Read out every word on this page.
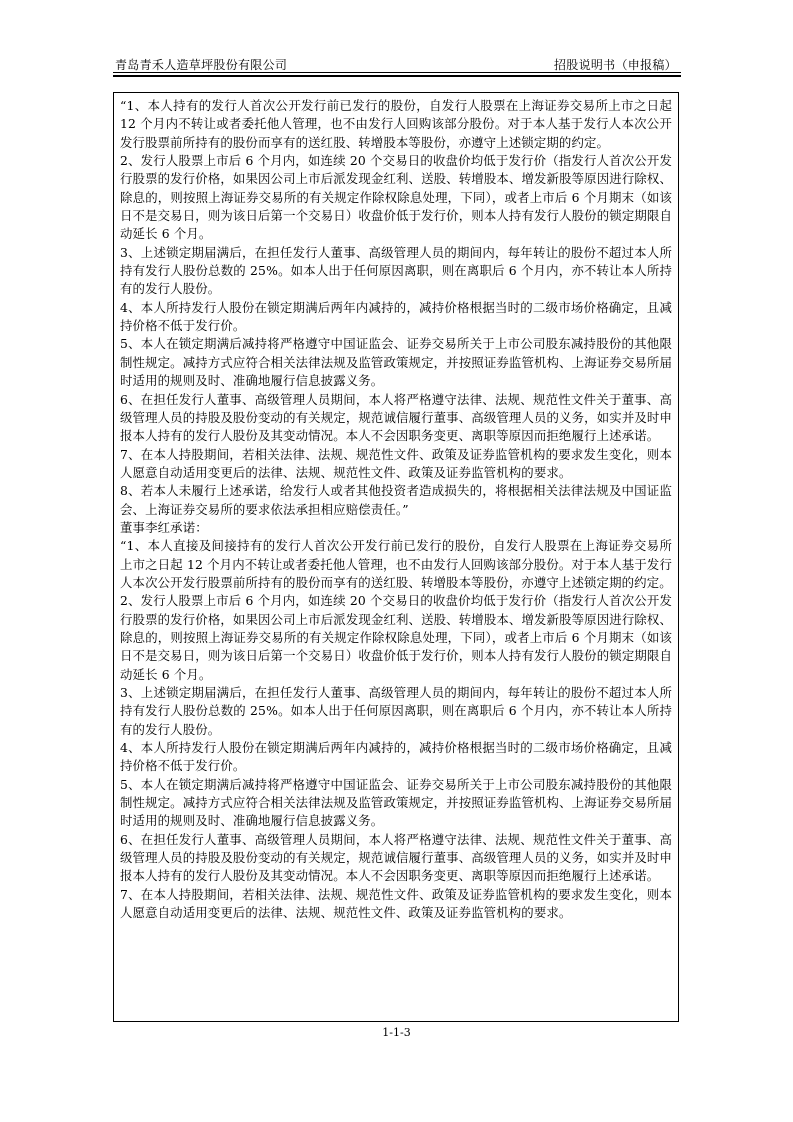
青岛青禾人造草坪股份有限公司	招股说明书（申报稿）

“1、本人持有的发行人首次公开发行前已发行的股份，自发行人股票在上海证券交易所上市之日起 12 个月内不转让或者委托他人管理，也不由发行人回购该部分股份。对于本人基于发行人本次公开发行股票前所持有的股份而享有的送红股、转增股本等股份，亦遵守上述锁定期的约定。

2、发行人股票上市后 6 个月内，如连续 20 个交易日的收盘价均低于发行价（指发行人首次公开发行股票的发行价格，如果因公司上市后派发现金红利、送股、转增股本、增发新股等原因进行除权、除息的，则按照上海证券交易所的有关规定作除权除息处理，下同），或者上市后 6 个月期末（如该日不是交易日，则为该日后第一个交易日）收盘价低于发行价，则本人持有发行人股份的锁定期限自动延长 6 个月。

3、上述锁定期届满后，在担任发行人董事、高级管理人员的期间内，每年转让的股份不超过本人所持有发行人股份总数的 25%。如本人出于任何原因离职，则在离职后 6 个月内，亦不转让本人所持有的发行人股份。

4、本人所持发行人股份在锁定期满后两年内减持的，减持价格根据当时的二级市场价格确定，且减持价格不低于发行价。

5、本人在锁定期满后减持将严格遵守中国证监会、证券交易所关于上市公司股东减持股份的其他限制性规定。减持方式应符合相关法律法规及监管政策规定，并按照证券监管机构、上海证券交易所届时适用的规则及时、准确地履行信息披露义务。

6、在担任发行人董事、高级管理人员期间，本人将严格遵守法律、法规、规范性文件关于董事、高级管理人员的持股及股份变动的有关规定，规范诚信履行董事、高级管理人员的义务，如实并及时申报本人持有的发行人股份及其变动情况。本人不会因职务变更、离职等原因而拒绝履行上述承诺。

7、在本人持股期间，若相关法律、法规、规范性文件、政策及证券监管机构的要求发生变化，则本人愿意自动适用变更后的法律、法规、规范性文件、政策及证券监管机构的要求。

8、若本人未履行上述承诺，给发行人或者其他投资者造成损失的，将根据相关法律法规及中国证监会、上海证券交易所的要求依法承担相应赔偿责任。”

董事李红承诺：

“1、本人直接及间接持有的发行人首次公开发行前已发行的股份，自发行人股票在上海证券交易所上市之日起 12 个月内不转让或者委托他人管理，也不由发行人回购该部分股份。对于本人基于发行人本次公开发行股票前所持有的股份而享有的送红股、转增股本等股份，亦遵守上述锁定期的约定。

2、发行人股票上市后 6 个月内，如连续 20 个交易日的收盘价均低于发行价（指发行人首次公开发行股票的发行价格，如果因公司上市后派发现金红利、送股、转增股本、增发新股等原因进行除权、除息的，则按照上海证券交易所的有关规定作除权除息处理，下同），或者上市后 6 个月期末（如该日不是交易日，则为该日后第一个交易日）收盘价低于发行价，则本人持有发行人股份的锁定期限自动延长 6 个月。

3、上述锁定期届满后，在担任发行人董事、高级管理人员的期间内，每年转让的股份不超过本人所持有发行人股份总数的 25%。如本人出于任何原因离职，则在离职后 6 个月内，亦不转让本人所持有的发行人股份。

4、本人所持发行人股份在锁定期满后两年内减持的，减持价格根据当时的二级市场价格确定，且减持价格不低于发行价。

5、本人在锁定期满后减持将严格遵守中国证监会、证券交易所关于上市公司股东减持股份的其他限制性规定。减持方式应符合相关法律法规及监管政策规定，并按照证券监管机构、上海证券交易所届时适用的规则及时、准确地履行信息披露义务。

6、在担任发行人董事、高级管理人员期间，本人将严格遵守法律、法规、规范性文件关于董事、高级管理人员的持股及股份变动的有关规定，规范诚信履行董事、高级管理人员的义务，如实并及时申报本人持有的发行人股份及其变动情况。本人不会因职务变更、离职等原因而拒绝履行上述承诺。

7、在本人持股期间，若相关法律、法规、规范性文件、政策及证券监管机构的要求发生变化，则本人愿意自动适用变更后的法律、法规、规范性文件、政策及证券监管机构的要求。

1-1-3
